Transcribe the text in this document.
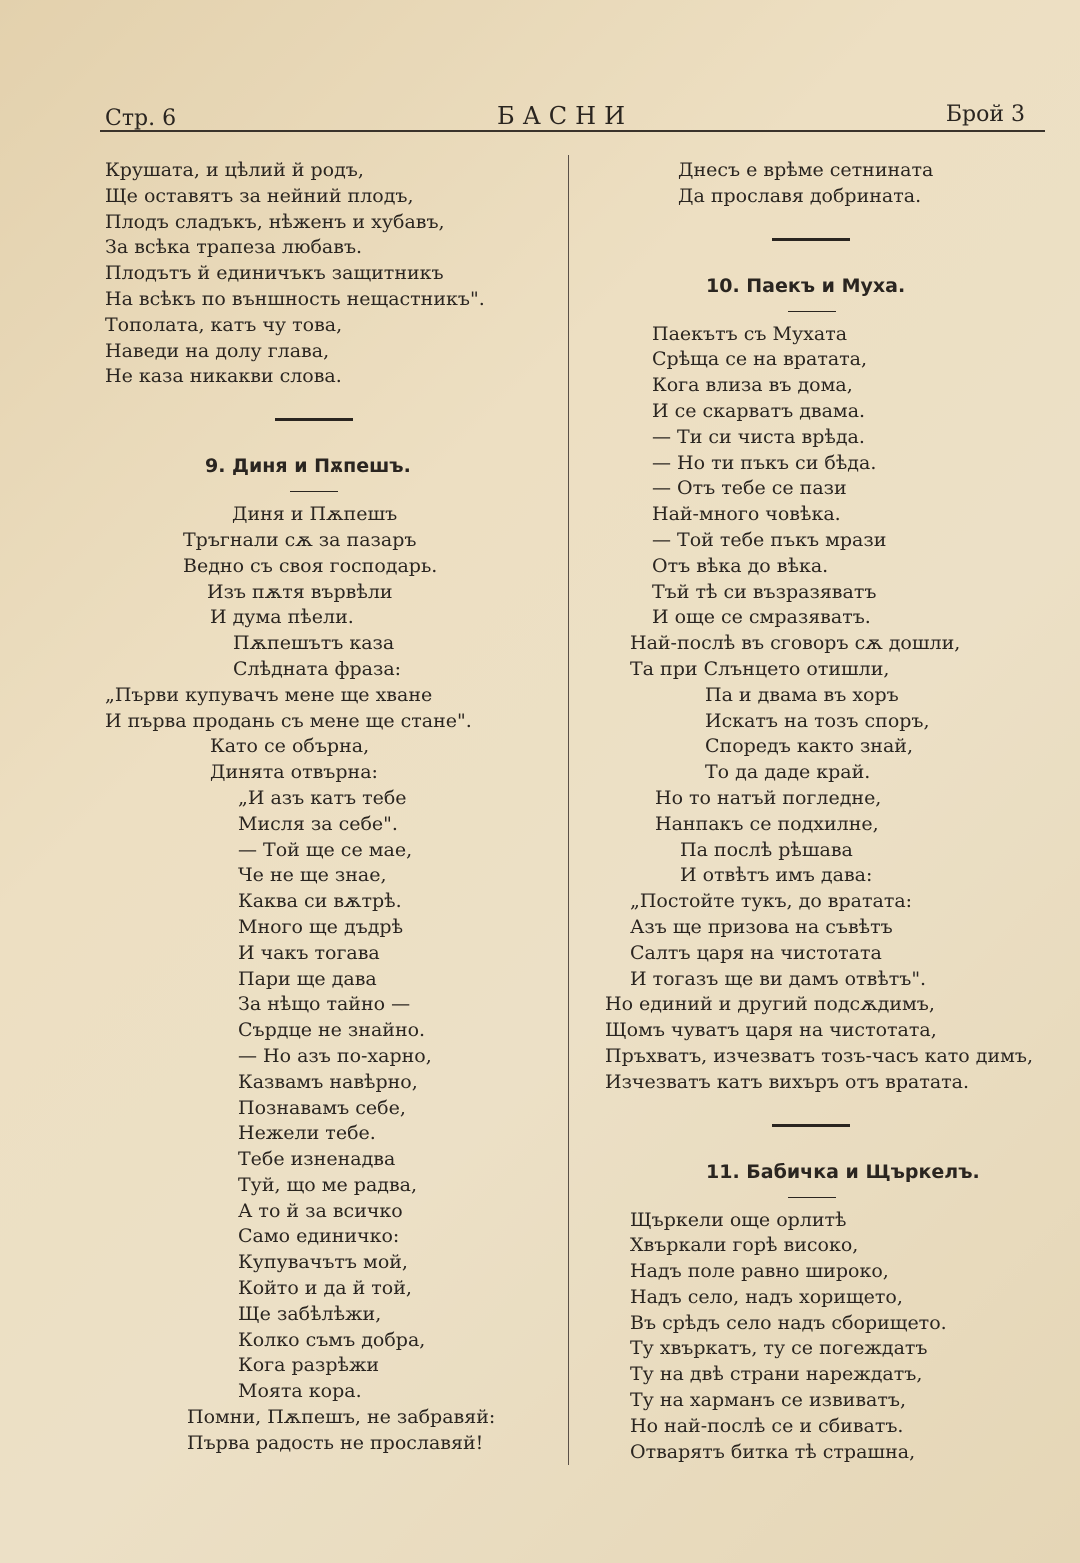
Стр. 6	БАСНИ	Брой 3
Крушата, и цѣлий й родъ,
Ще оставятъ за нейний плодъ,
Плодъ сладъкъ, нѣженъ и хубавъ,
За всѣка трапеза любавъ.
Плодътъ й единичъкъ защитникъ
На всѣкъ по външность нещастникъ".
Тополата, катъ чу това,
Наведи на долу глава,
Не каза никакви слова.
9. Диня и Пѫпешъ.
Диня и Пѫпешъ
Тръгнали сѫ за пазаръ
Ведно съ своя господарь.
Изъ пѫтя вървѣли
И дума пѣели.
Пѫпешътъ каза
Слѣдната фраза:
„Първи купувачъ мене ще хване
И първа продань съ мене ще стане".
Като се обърна,
Динята отвърна:
„И азъ катъ тебе
Мисля за себе".
— Той ще се мае,
Че не ще знае,
Каква си вѫтрѣ.
Много ще дъдрѣ
И чакъ тогава
Пари ще дава
За нѣщо тайно —
Сърдце не знайно.
— Но азъ по-харно,
Казвамъ навѣрно,
Познавамъ себе,
Нежели тебе.
Тебе изненадва
Туй, що ме радва,
А то й за всичко
Само единичко:
Купувачътъ мой,
Който и да й той,
Ще забѣлѣжи,
Колко съмъ добра,
Кога разрѣжи
Моята кора.
Помни, Пѫпешъ, не забравяй:
Първа радость не прославяй!
Днесъ е врѣме сетнината
Да прославя добрината.
10. Паекъ и Муха.
Паекътъ съ Мухата
Срѣща се на вратата,
Кога влиза въ дома,
И се скарватъ двама.
— Ти си чиста врѣда.
— Но ти пъкъ си бѣда.
— Отъ тебе се пази
Най-много човѣка.
— Той тебе пъкъ мрази
Отъ вѣка до вѣка.
Тъй тѣ си възразяватъ
И още се смразяватъ.
Най-послѣ въ сговоръ сѫ дошли,
Та при Слънцето отишли,
Па и двама въ хоръ
Искатъ на тозъ споръ,
Споредъ както знай,
То да даде край.
Но то натъй погледне,
Нанпакъ се подхилне,
Па послѣ рѣшава
И отвѣтъ имъ дава:
„Постойте тукъ, до вратата:
Азъ ще призова на съвѣтъ
Салтъ царя на чистотата
И тогазъ ще ви дамъ отвѣтъ".
Но единий и другий подсѫдимъ,
Щомъ чуватъ царя на чистотата,
Пръхватъ, изчезватъ тозъ-часъ като димъ,
Изчезватъ катъ вихъръ отъ вратата.
11. Бабичка и Щъркелъ.
Щъркели още орлитѣ
Хвъркали горѣ високо,
Надъ поле равно широко,
Надъ село, надъ хорището,
Въ срѣдъ село надъ сборището.
Ту хвъркатъ, ту се погеждатъ
Ту на двѣ страни нареждатъ,
Ту на харманъ се извиватъ,
Но най-послѣ се и сбиватъ.
Отварятъ битка тѣ страшна,
